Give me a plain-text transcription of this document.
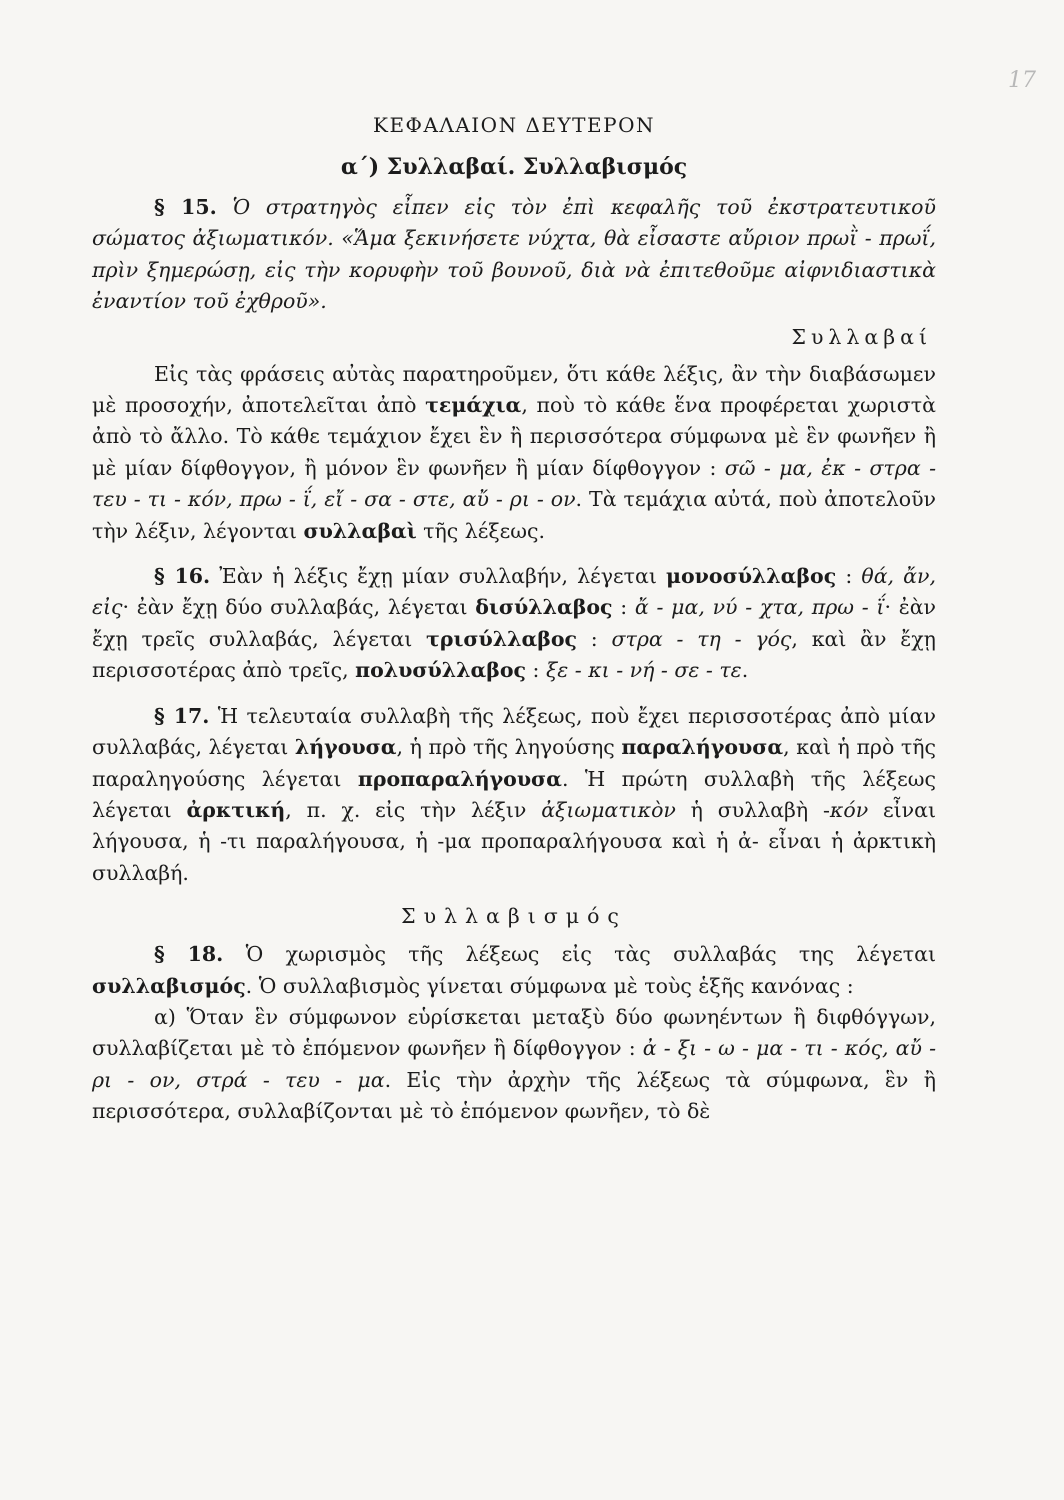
17
ΚΕΦΑΛΑΙΟΝ ΔΕΥΤΕΡΟΝ
α΄) Συλλαβαί. Συλλαβισμός

§ 15. Ὁ στρατηγὸς εἶπεν εἰς τὸν ἐπὶ κεφαλῆς τοῦ ἐκστρατευτικοῦ σώματος ἀξιωματικόν. «Ἅμα ξεκινήσετε νύχτα, θὰ εἶσαστε αὔριον πρωῒ - πρωΐ, πρὶν ξημερώσῃ, εἰς τὴν κορυφὴν τοῦ βουνοῦ, διὰ νὰ ἐπιτεθοῦμε αἰφνιδιαστικὰ ἐναντίον τοῦ ἐχθροῦ».

Συλλαβαί

Εἰς τὰς φράσεις αὐτὰς παρατηροῦμεν, ὅτι κάθε λέξις, ἂν τὴν διαβάσωμεν μὲ προσοχήν, ἀποτελεῖται ἀπὸ τεμάχια, ποὺ τὸ κάθε ἕνα προφέρεται χωριστὰ ἀπὸ τὸ ἄλλο. Τὸ κάθε τεμάχιον ἔχει ἓν ἢ περισσότερα σύμφωνα μὲ ἓν φωνῆεν ἢ μὲ μίαν δίφθογγον, ἢ μόνον ἓν φωνῆεν ἢ μίαν δίφθογγον : σῶ - μα, ἐκ - στρα - τευ - τι - κόν, πρω - ΐ, εἴ - σα - στε, αὔ - ρι - ον. Τὰ τεμάχια αὐτά, ποὺ ἀποτελοῦν τὴν λέξιν, λέγονται συλλαβαὶ τῆς λέξεως.

§ 16. Ἐὰν ἡ λέξις ἔχῃ μίαν συλλαβήν, λέγεται μονοσύλλαβος : θά, ἄν, εἰς· ἐὰν ἔχῃ δύο συλλαβάς, λέγεται δισύλλαβος : ἄ - μα, νύ - χτα, πρω - ΐ· ἐὰν ἔχῃ τρεῖς συλλαβάς, λέγεται τρισύλλαβος : στρα - τη - γός, καὶ ἂν ἔχῃ περισσοτέρας ἀπὸ τρεῖς, πολυσύλλαβος : ξε - κι - νή - σε - τε.

§ 17. Ἡ τελευταία συλλαβὴ τῆς λέξεως, ποὺ ἔχει περισσοτέρας ἀπὸ μίαν συλλαβάς, λέγεται λήγουσα, ἡ πρὸ τῆς ληγούσης παραλήγουσα, καὶ ἡ πρὸ τῆς παραληγούσης λέγεται προπαραλήγουσα. Ἡ πρώτη συλλαβὴ τῆς λέξεως λέγεται ἀρκτική, π. χ. εἰς τὴν λέξιν ἀξιωματικὸν ἡ συλλαβὴ -κόν εἶναι λήγουσα, ἡ -τι παραλήγουσα, ἡ -μα προπαραλήγουσα καὶ ἡ ἀ- εἶναι ἡ ἀρκτικὴ συλλαβή.

Συλλαβισμός

§ 18. Ὁ χωρισμὸς τῆς λέξεως εἰς τὰς συλλαβάς της λέγεται συλλαβισμός. Ὁ συλλαβισμὸς γίνεται σύμφωνα μὲ τοὺς ἑξῆς κανόνας :

α) Ὅταν ἓν σύμφωνον εὑρίσκεται μεταξὺ δύο φωνηέντων ἢ διφθόγγων, συλλαβίζεται μὲ τὸ ἑπόμενον φωνῆεν ἢ δίφθογγον : ἀ - ξι - ω - μα - τι - κός, αὔ - ρι - ον, στρά - τευ - μα. Εἰς τὴν ἀρχὴν τῆς λέξεως τὰ σύμφωνα, ἓν ἢ περισσότερα, συλλαβίζονται μὲ τὸ ἑπόμενον φωνῆεν, τὸ δὲ
